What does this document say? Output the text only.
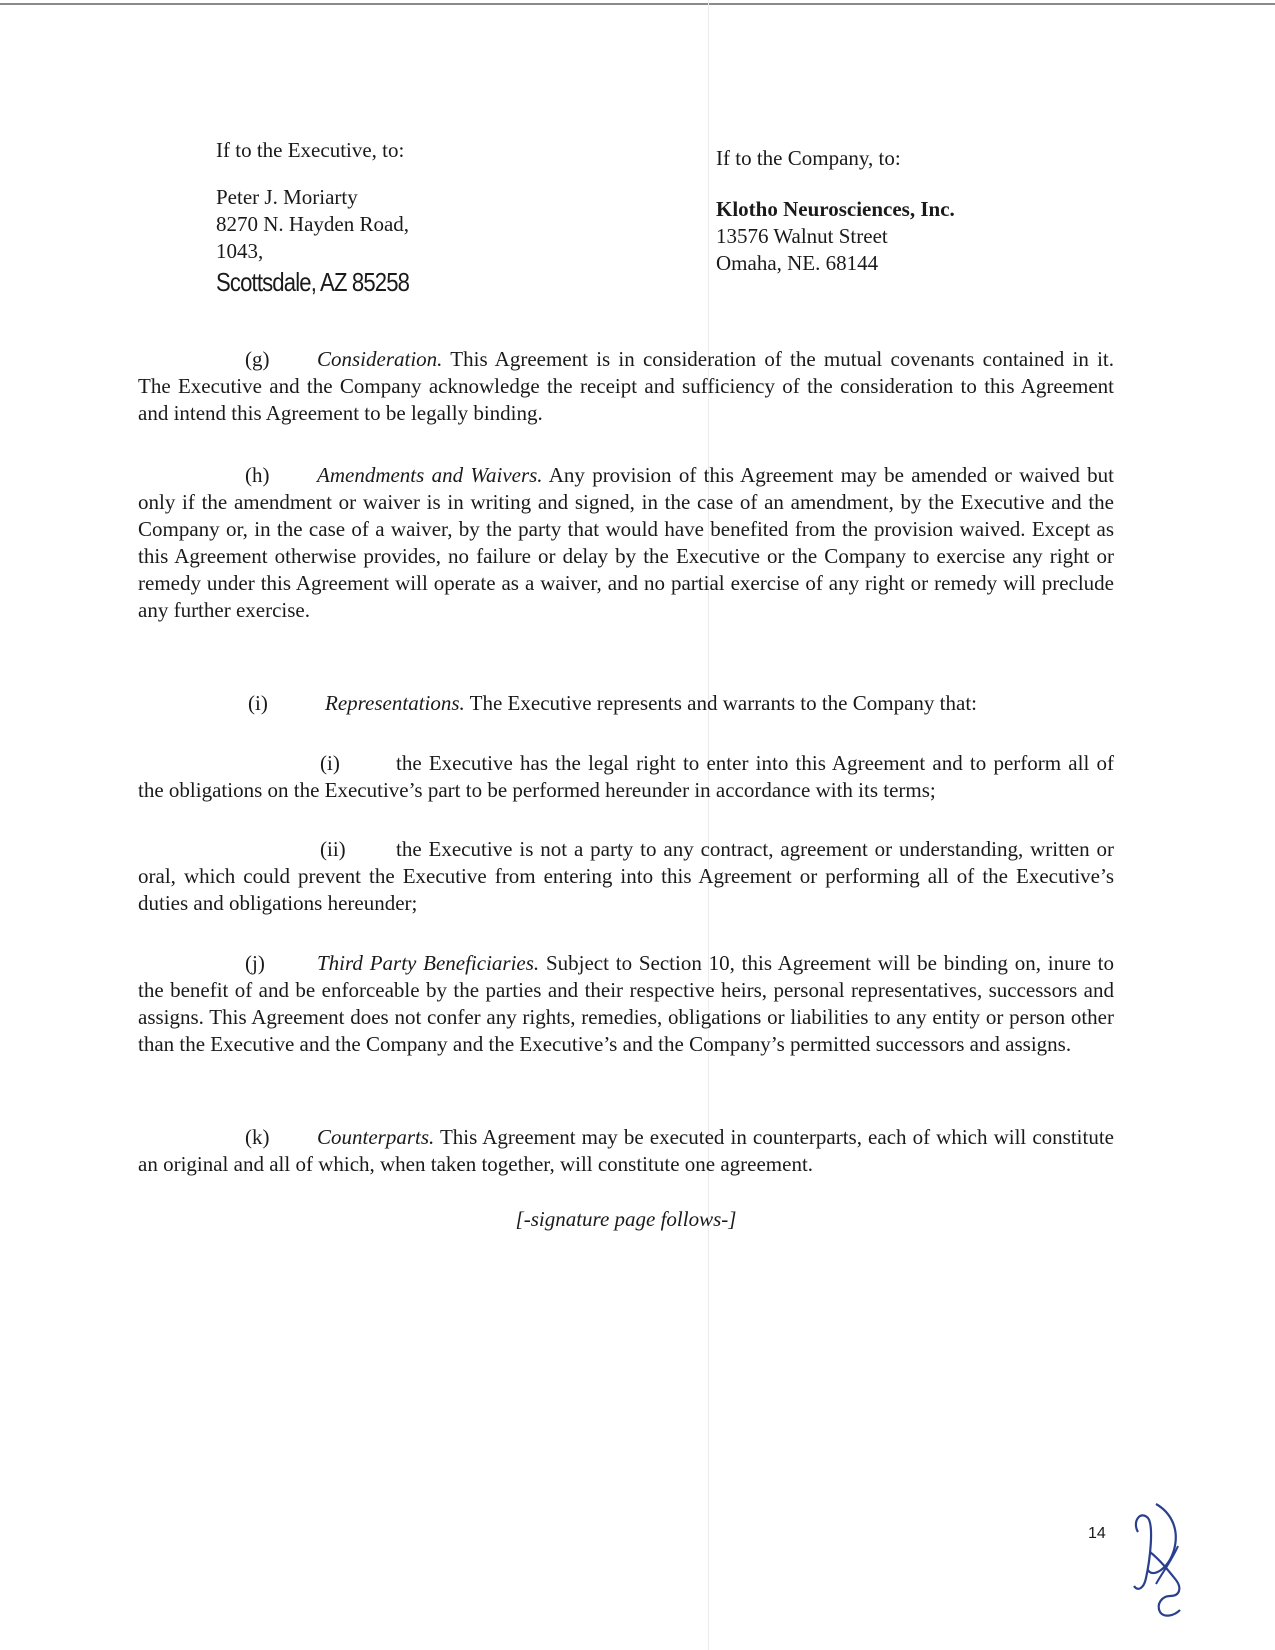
If to the Executive, to:
Peter J. Moriarty
8270 N. Hayden Road,
1043,
Scottsdale, AZ 85258
If to the Company, to:
Klotho Neurosciences, Inc.
13576 Walnut Street
Omaha, NE. 68144
(g) Consideration. This Agreement is in consideration of the mutual covenants contained in it. The Executive and the Company acknowledge the receipt and sufficiency of the consideration to this Agreement and intend this Agreement to be legally binding.
(h) Amendments and Waivers. Any provision of this Agreement may be amended or waived but only if the amendment or waiver is in writing and signed, in the case of an amendment, by the Executive and the Company or, in the case of a waiver, by the party that would have benefited from the provision waived. Except as this Agreement otherwise provides, no failure or delay by the Executive or the Company to exercise any right or remedy under this Agreement will operate as a waiver, and no partial exercise of any right or remedy will preclude any further exercise.
(i)	Representations. The Executive represents and warrants to the Company that:
(i)	the Executive has the legal right to enter into this Agreement and to perform all of the obligations on the Executive’s part to be performed hereunder in accordance with its terms;
(ii) the Executive is not a party to any contract, agreement or understanding, written or oral, which could prevent the Executive from entering into this Agreement or performing all of the Executive’s duties and obligations hereunder;
(j) Third Party Beneficiaries. Subject to Section 10, this Agreement will be binding on, inure to the benefit of and be enforceable by the parties and their respective heirs, personal representatives, successors and assigns. This Agreement does not confer any rights, remedies, obligations or liabilities to any entity or person other than the Executive and the Company and the Executive’s and the Company’s permitted successors and assigns.
(k) Counterparts. This Agreement may be executed in counterparts, each of which will constitute an original and all of which, when taken together, will constitute one agreement.
[-signature page follows-]
14
